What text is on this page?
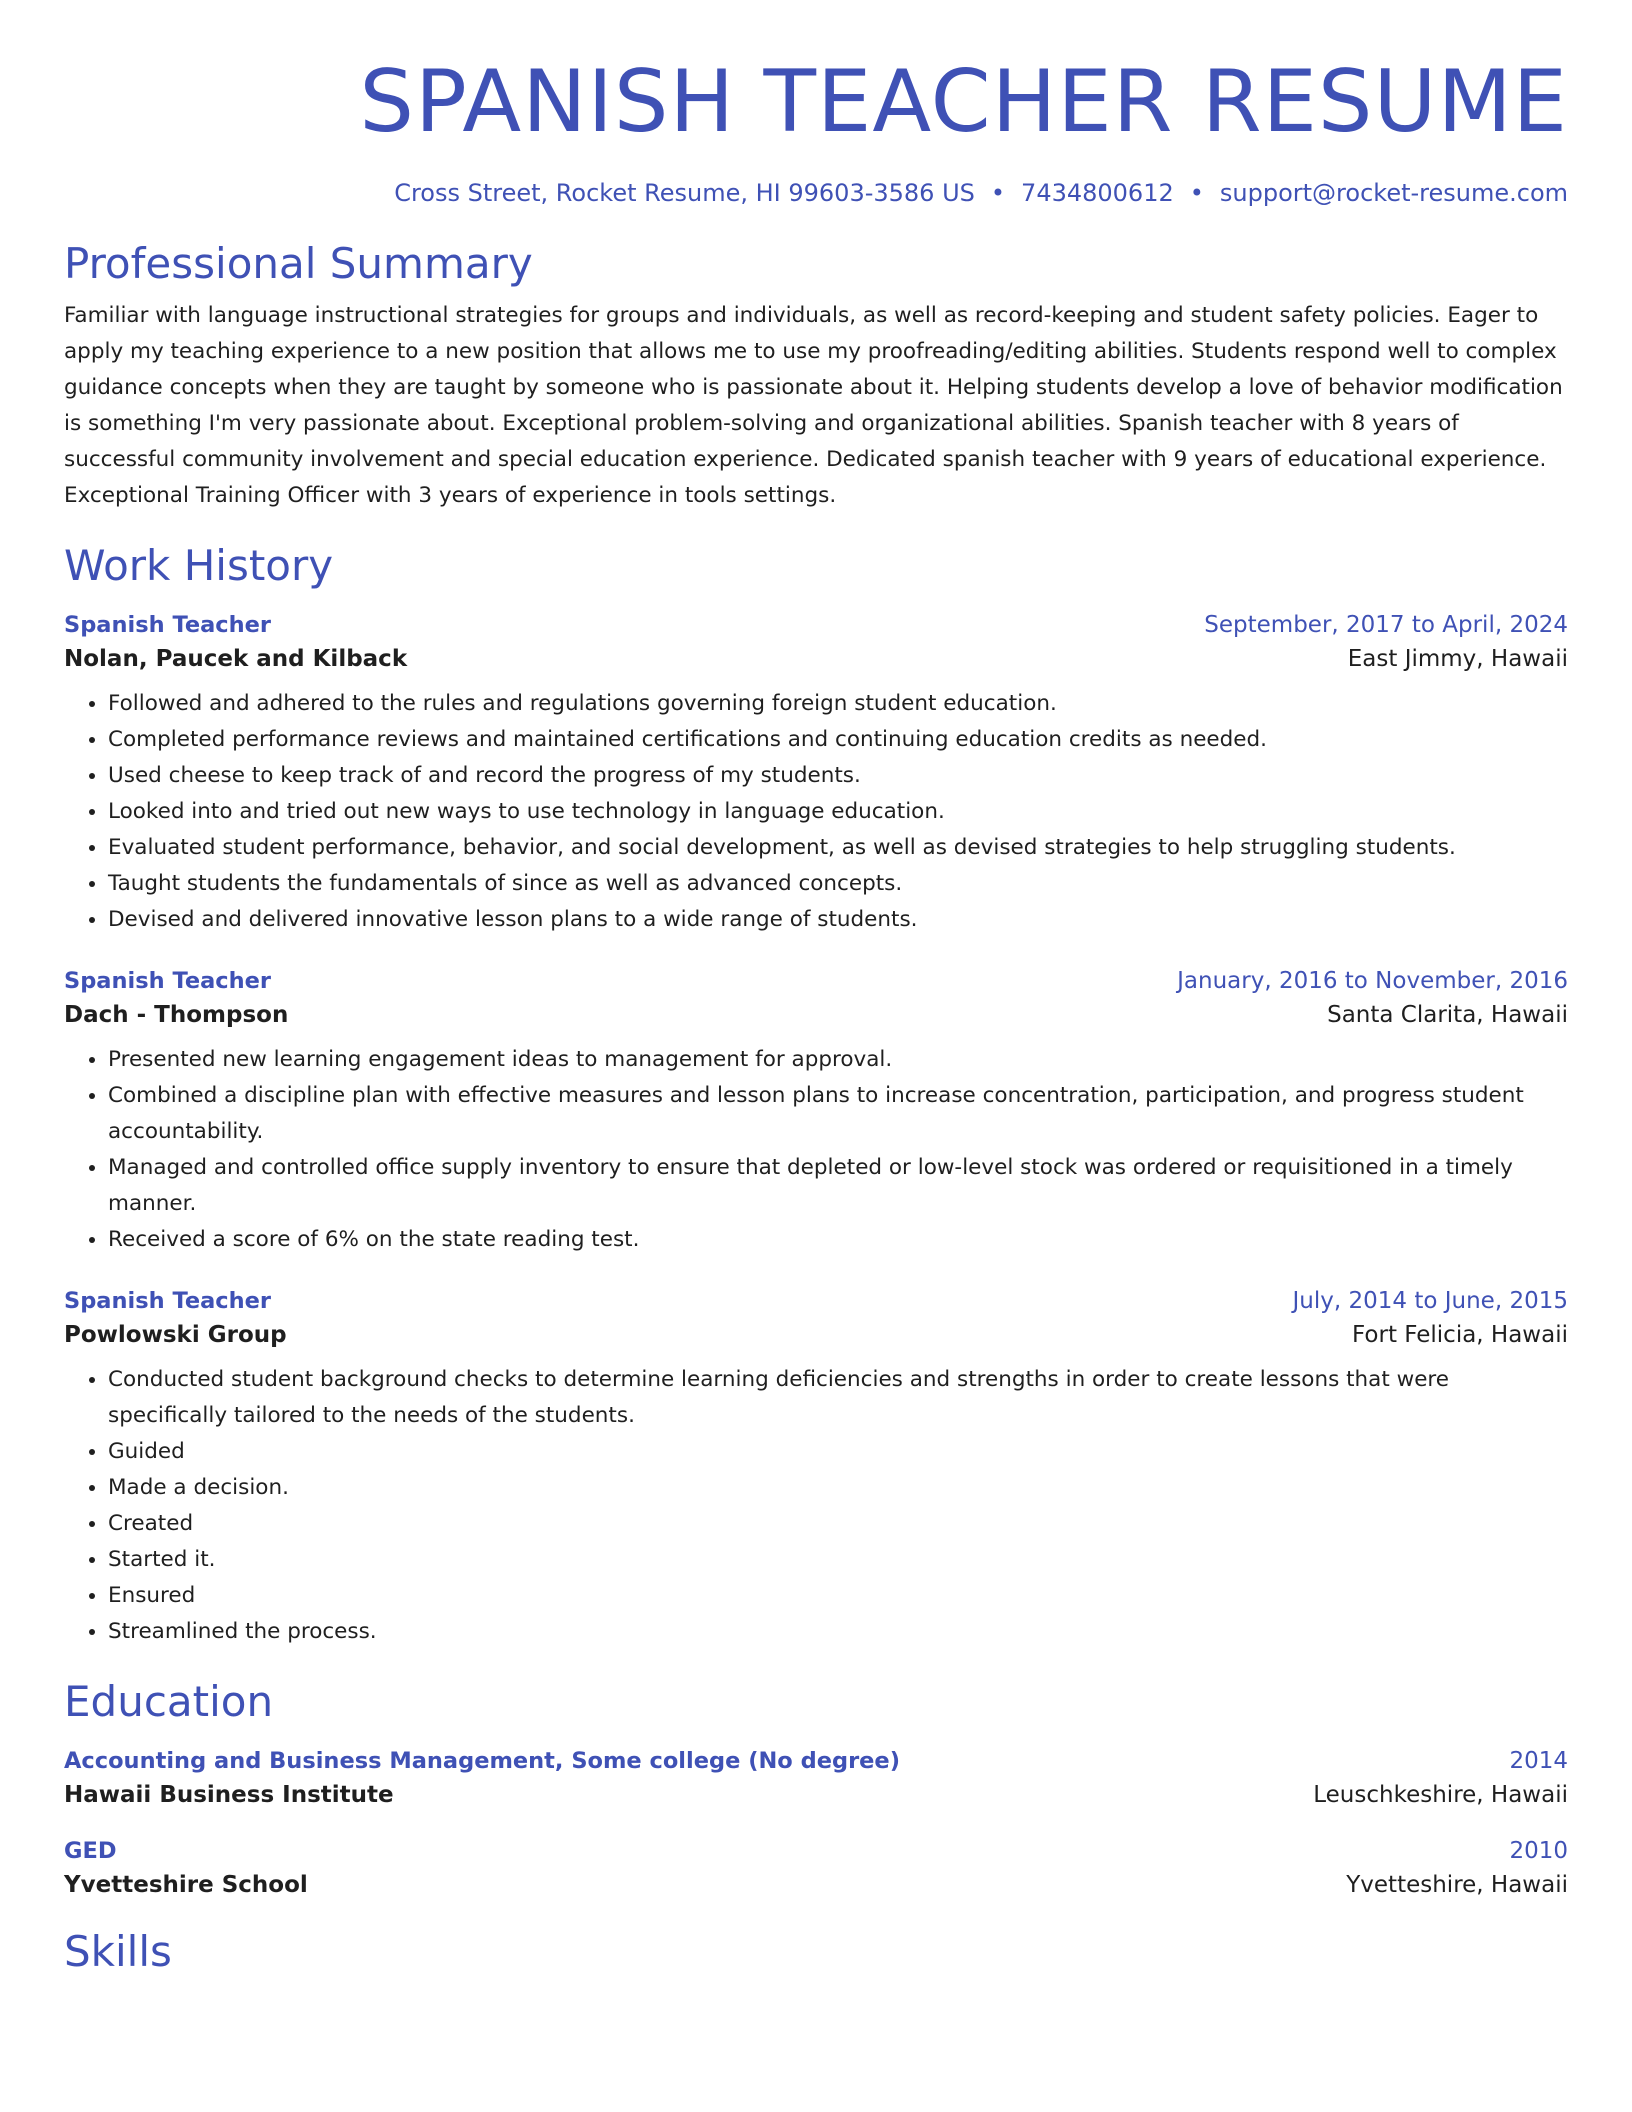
SPANISH TEACHER RESUME
Cross Street, Rocket Resume, HI 99603-3586 US • 7434800612 • support@rocket-resume.com
Professional Summary

Familiar with language instructional strategies for groups and individuals, as well as record-keeping and student safety policies. Eager to apply my teaching experience to a new position that allows me to use my proofreading/editing abilities. Students respond well to complex guidance concepts when they are taught by someone who is passionate about it. Helping students develop a love of behavior modification is something I'm very passionate about. Exceptional problem-solving and organizational abilities. Spanish teacher with 8 years of successful community involvement and special education experience. Dedicated spanish teacher with 9 years of educational experience. Exceptional Training Officer with 3 years of experience in tools settings.

Work History
Spanish Teacher	September, 2017 to April, 2024
Nolan, Paucek and Kilback	East Jimmy, Hawaii
• Followed and adhered to the rules and regulations governing foreign student education.
• Completed performance reviews and maintained certifications and continuing education credits as needed.
• Used cheese to keep track of and record the progress of my students.
• Looked into and tried out new ways to use technology in language education.
• Evaluated student performance, behavior, and social development, as well as devised strategies to help struggling students.
• Taught students the fundamentals of since as well as advanced concepts.
• Devised and delivered innovative lesson plans to a wide range of students.
Spanish Teacher	January, 2016 to November, 2016
Dach - Thompson	Santa Clarita, Hawaii
• Presented new learning engagement ideas to management for approval.
• Combined a discipline plan with effective measures and lesson plans to increase concentration, participation, and progress student accountability.
• Managed and controlled office supply inventory to ensure that depleted or low-level stock was ordered or requisitioned in a timely manner.
• Received a score of 6% on the state reading test.
Spanish Teacher	July, 2014 to June, 2015
Powlowski Group	Fort Felicia, Hawaii
• Conducted student background checks to determine learning deficiencies and strengths in order to create lessons that were specifically tailored to the needs of the students.
• Guided
• Made a decision.
• Created
• Started it.
• Ensured
• Streamlined the process.
Education
Accounting and Business Management, Some college (No degree)	2014
Hawaii Business Institute	Leuschkeshire, Hawaii
GED	2010
Yvetteshire School	Yvetteshire, Hawaii
Skills
